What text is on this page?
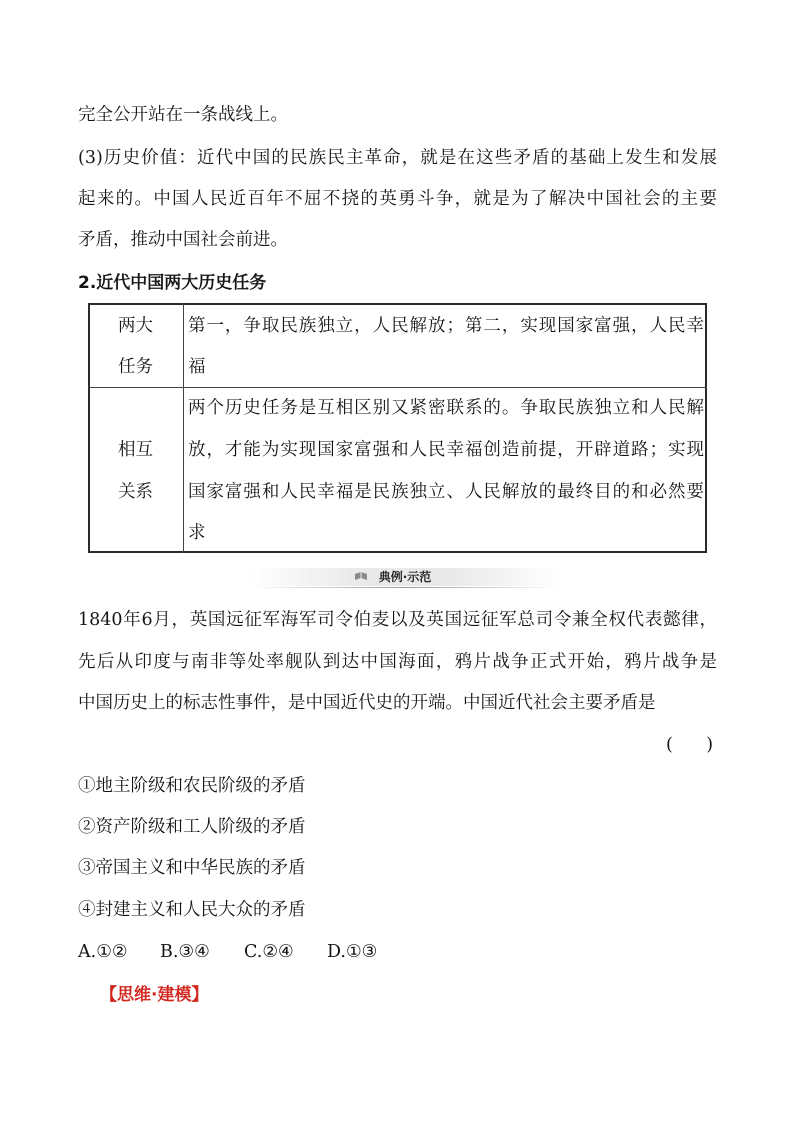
完全公开站在一条战线上。
(3)历史价值：近代中国的民族民主革命，就是在这些矛盾的基础上发生和发展
起来的。中国人民近百年不屈不挠的英勇斗争，就是为了解决中国社会的主要
矛盾，推动中国社会前进。
2.近代中国两大历史任务
两大
任务
第一，争取民族独立，人民解放；第二，实现国家富强，人民幸
福
相互
关系
两个历史任务是互相区别又紧密联系的。争取民族独立和人民解
放，才能为实现国家富强和人民幸福创造前提，开辟道路；实现
国家富强和人民幸福是民族独立、人民解放的最终目的和必然要
求
典例·示范
1840年6月，英国远征军海军司令伯麦以及英国远征军总司令兼全权代表懿律，
先后从印度与南非等处率舰队到达中国海面，鸦片战争正式开始，鸦片战争是
中国历史上的标志性事件，是中国近代史的开端。中国近代社会主要矛盾是
(      )
①地主阶级和农民阶级的矛盾
②资产阶级和工人阶级的矛盾
③帝国主义和中华民族的矛盾
④封建主义和人民大众的矛盾
A.①② B.③④ C.②④ D.①③
【思维·建模】
